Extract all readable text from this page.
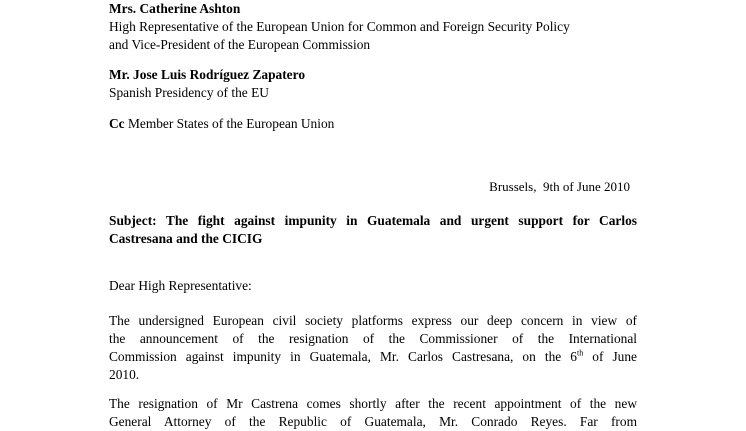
Mrs. Catherine Ashton
High Representative of the European Union for Common and Foreign Security Policy
and Vice-President of the European Commission
Mr. Jose Luis Rodríguez Zapatero
Spanish Presidency of the EU
Cc Member States of the European Union
Brussels,  9th of June 2010
Subject: The fight against impunity in Guatemala and urgent support for Carlos
Castresana and the CICIG
Dear High Representative:
The undersigned European civil society platforms express our deep concern in view of
the announcement of the resignation of the Commissioner of the International
Commission against impunity in Guatemala, Mr. Carlos Castresana, on the 6th of June
2010.
The resignation of Mr Castrena comes shortly after the recent appointment of the new
General Attorney of the Republic of Guatemala, Mr. Conrado Reyes. Far from
